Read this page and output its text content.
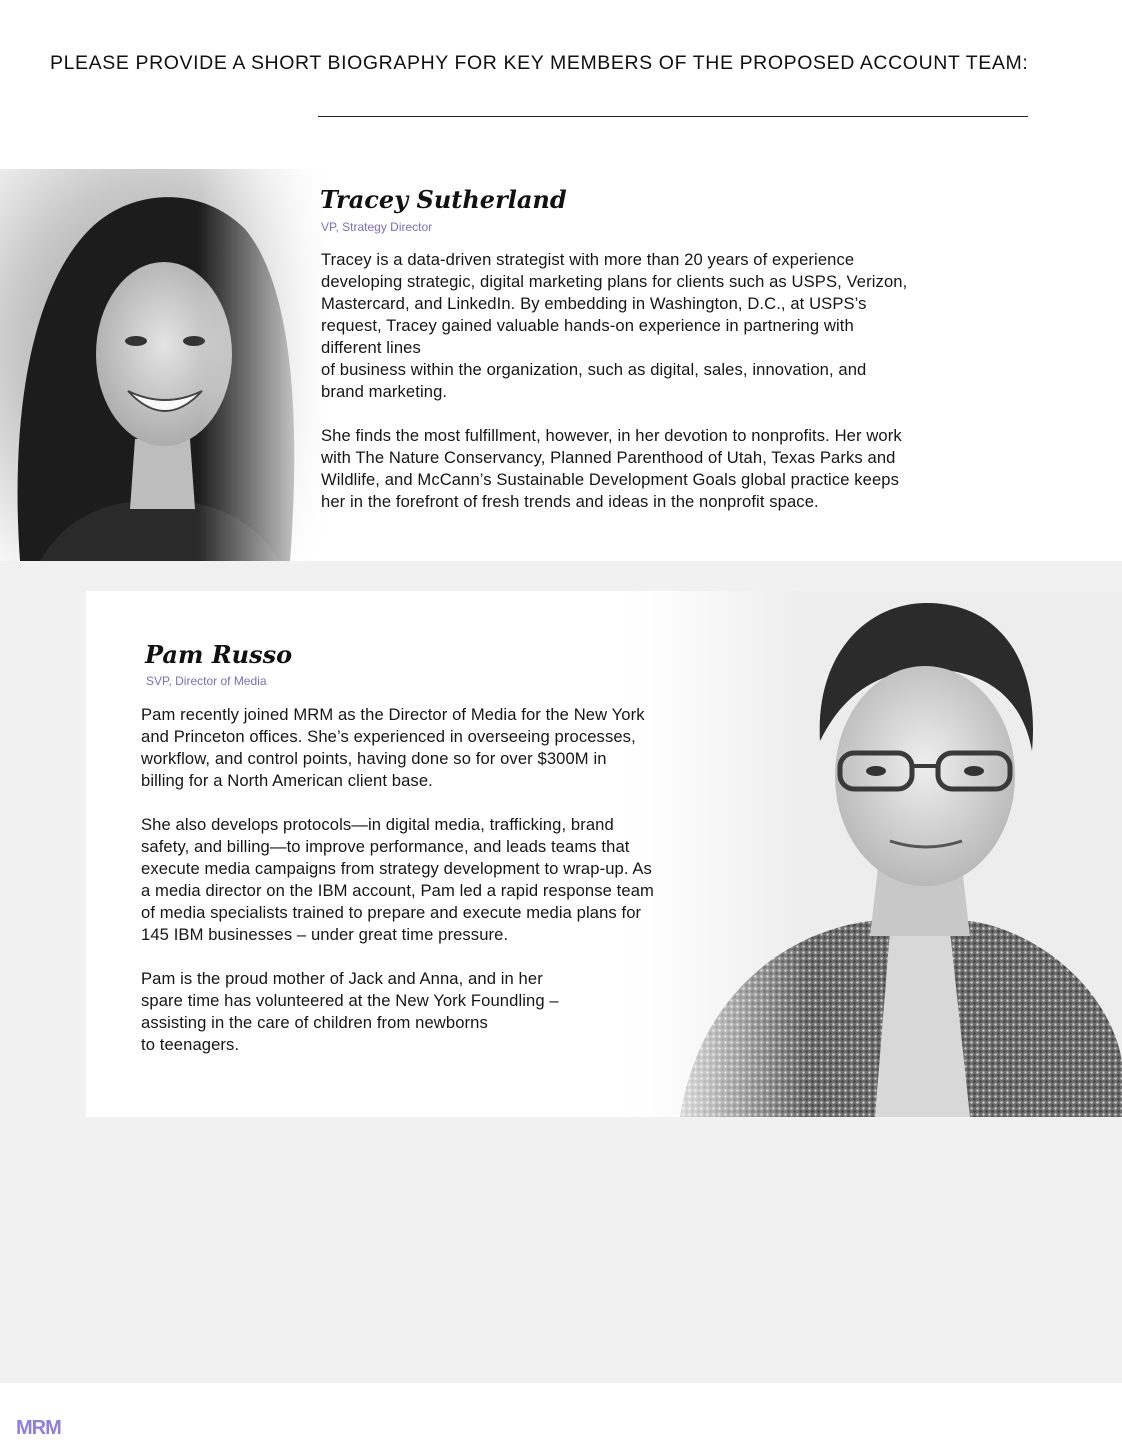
PLEASE PROVIDE A SHORT BIOGRAPHY FOR KEY MEMBERS OF THE PROPOSED ACCOUNT TEAM:
Tracey Sutherland
VP, Strategy Director

Tracey is a data-driven strategist with more than 20 years of experience
developing strategic, digital marketing plans for clients such as USPS, Verizon,
Mastercard, and LinkedIn. By embedding in Washington, D.C., at USPS’s
request, Tracey gained valuable hands-on experience in partnering with
different lines
of business within the organization, such as digital, sales, innovation, and
brand marketing.

She finds the most fulfillment, however, in her devotion to nonprofits. Her work
with The Nature Conservancy, Planned Parenthood of Utah, Texas Parks and
Wildlife, and McCann’s Sustainable Development Goals global practice keeps
her in the forefront of fresh trends and ideas in the nonprofit space.

Pam Russo
SVP, Director of Media

Pam recently joined MRM as the Director of Media for the New York
and Princeton offices. She’s experienced in overseeing processes,
workflow, and control points, having done so for over $300M in
billing for a North American client base.

She also develops protocols—in digital media, trafficking, brand
safety, and billing—to improve performance, and leads teams that
execute media campaigns from strategy development to wrap-up. As
a media director on the IBM account, Pam led a rapid response team
of media specialists trained to prepare and execute media plans for
145 IBM businesses – under great time pressure.

Pam is the proud mother of Jack and Anna, and in her
spare time has volunteered at the New York Foundling –
assisting in the care of children from newborns
to teenagers.

MRM
